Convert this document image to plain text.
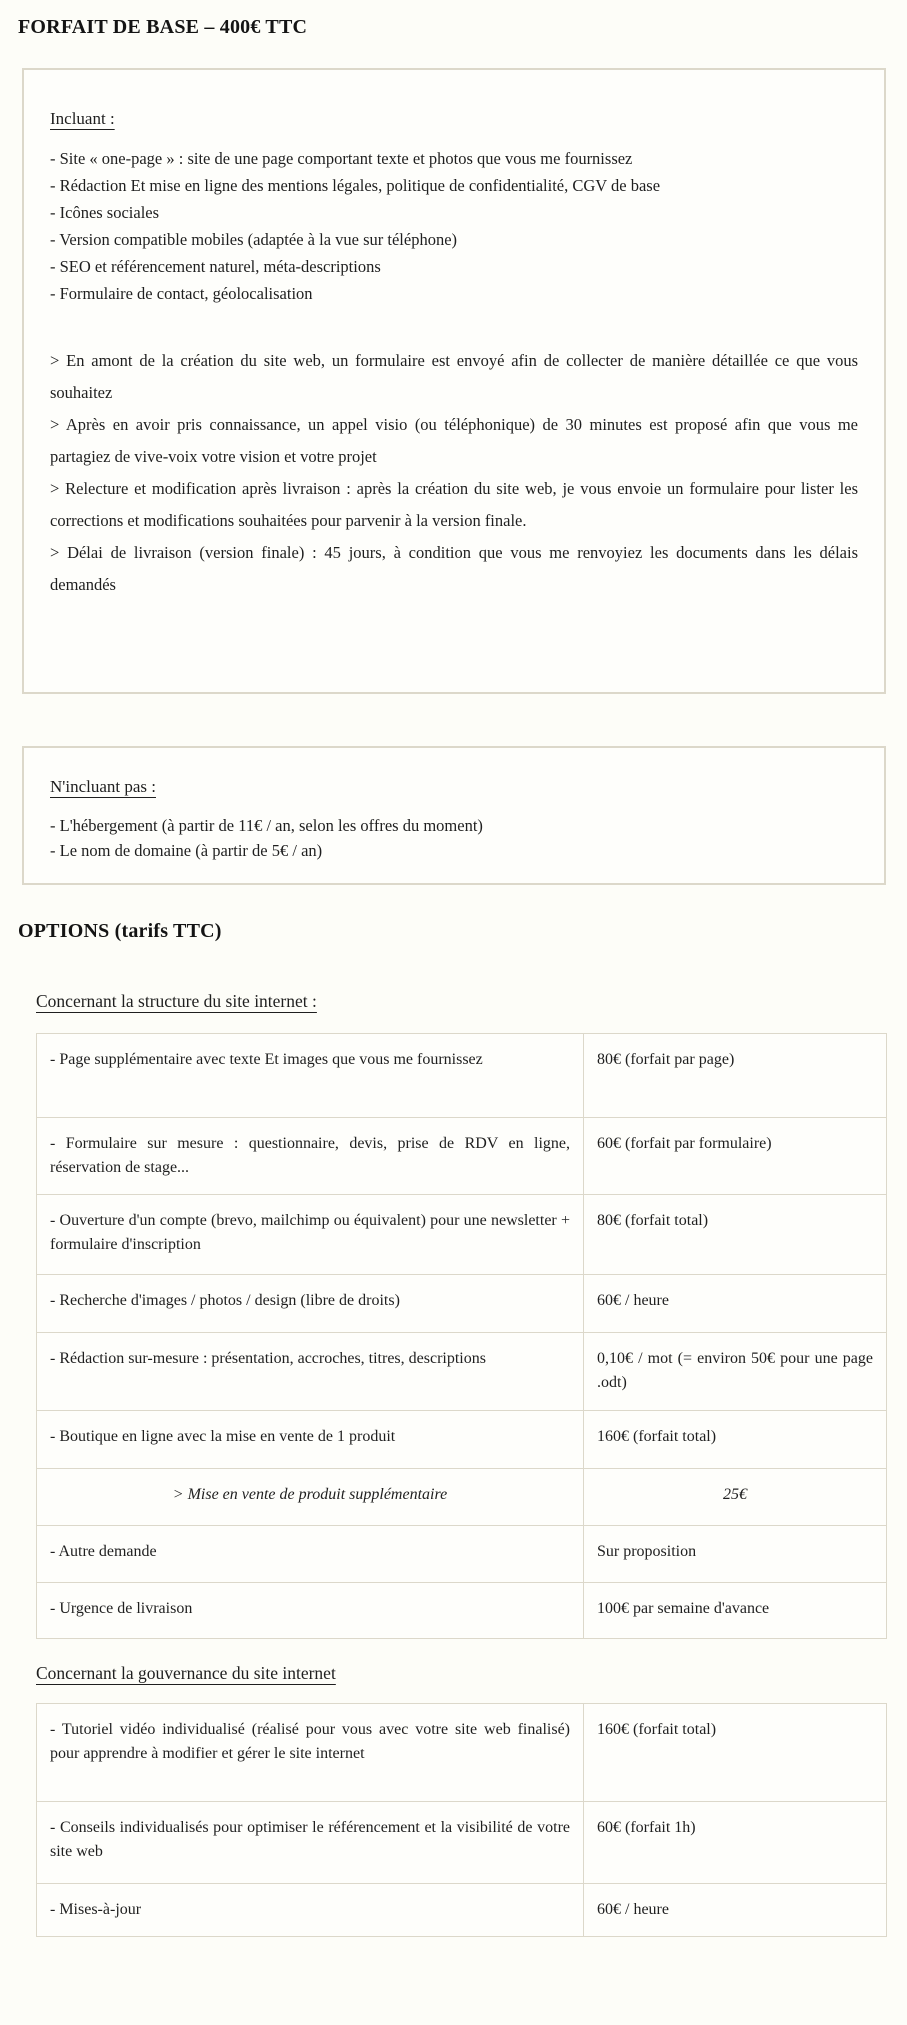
FORFAIT DE BASE – 400€ TTC
Incluant :

- Site « one-page » : site de une page comportant texte et photos que vous me fournissez

- Rédaction Et mise en ligne des mentions légales, politique de confidentialité, CGV de base

- Icônes sociales

- Version compatible mobiles (adaptée à la vue sur téléphone)

- SEO et référencement naturel, méta-descriptions

- Formulaire de contact, géolocalisation

> En amont de la création du site web, un formulaire est envoyé afin de collecter de manière détaillée ce que vous souhaitez

> Après en avoir pris connaissance, un appel visio (ou téléphonique) de 30 minutes est proposé afin que vous me partagiez de vive-voix votre vision et votre projet

> Relecture et modification après livraison : après la création du site web, je vous envoie un formulaire pour lister les corrections et modifications souhaitées pour parvenir à la version finale.

> Délai de livraison (version finale) : 45 jours, à condition que vous me renvoyiez les documents dans les délais demandés

N'incluant pas :

- L'hébergement (à partir de 11€ / an, selon les offres du moment)

- Le nom de domaine (à partir de 5€ / an)

OPTIONS (tarifs TTC)
Concernant la structure du site internet :
- Page supplémentaire avec texte Et images que vous me fournissez	80€ (forfait par page)
- Formulaire sur mesure : questionnaire, devis, prise de RDV en ligne, réservation de stage...	60€ (forfait par formulaire)
- Ouverture d'un compte (brevo, mailchimp ou équivalent) pour une newsletter + formulaire d'inscription	80€ (forfait total)
- Recherche d'images / photos / design (libre de droits)	60€ / heure
- Rédaction sur-mesure : présentation, accroches, titres, descriptions	0,10€ / mot (= environ 50€ pour une page .odt)
- Boutique en ligne avec la mise en vente de 1 produit	160€ (forfait total)
> Mise en vente de produit supplémentaire	25€
- Autre demande	Sur proposition
- Urgence de livraison	100€ par semaine d'avance
Concernant la gouvernance du site internet
- Tutoriel vidéo individualisé (réalisé pour vous avec votre site web finalisé) pour apprendre à modifier et gérer le site internet	160€ (forfait total)
- Conseils individualisés pour optimiser le référencement et la visibilité de votre site web	60€ (forfait 1h)
- Mises-à-jour	60€ / heure
